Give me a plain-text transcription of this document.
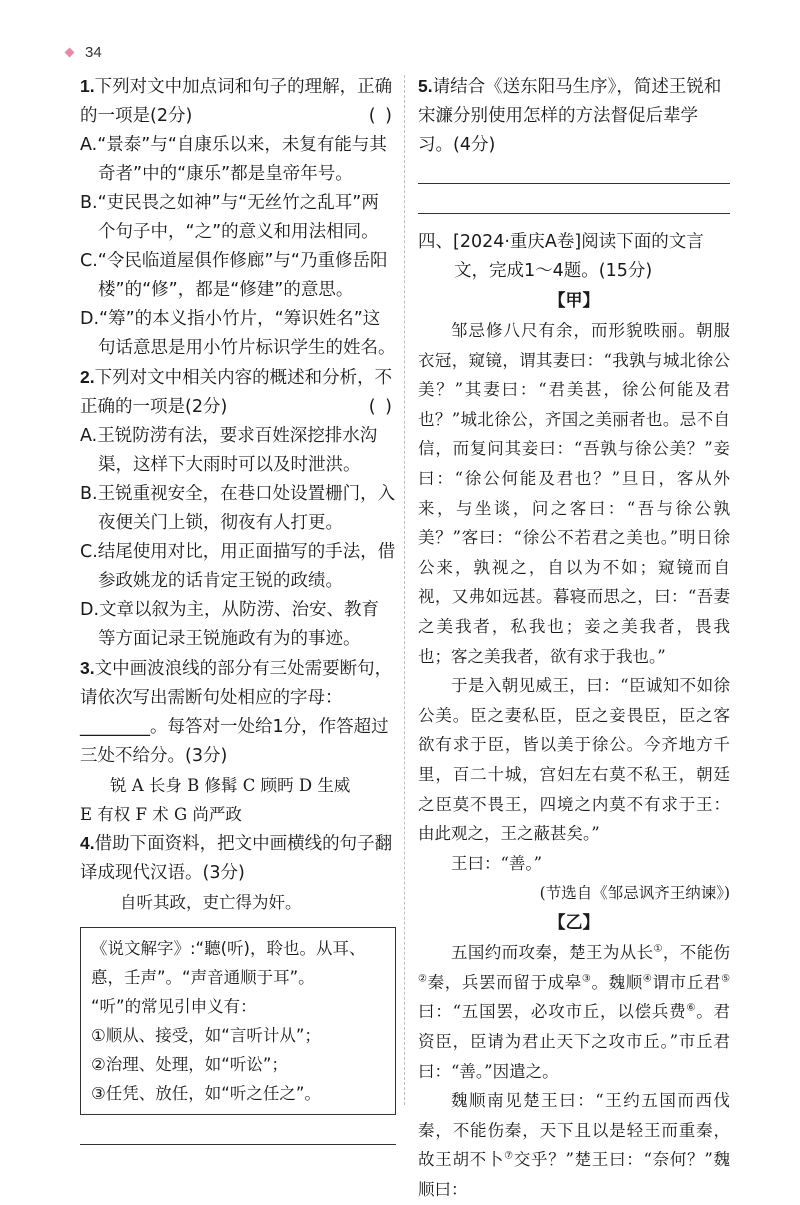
34
1.下列对文中加点词和句子的理解，正确的一项是(2分)	( )
A.“景泰”与“自康乐以来，未复有能与其奇者”中的“康乐”都是皇帝年号。
B.“吏民畏之如神”与“无丝竹之乱耳”两个句子中，“之”的意义和用法相同。
C.“令民临道屋俱作修廊”与“乃重修岳阳楼”的“修”，都是“修建”的意思。
D.“筹”的本义指小竹片，“筹识姓名”这句话意思是用小竹片标识学生的姓名。
2.下列对文中相关内容的概述和分析，不正确的一项是(2分)	( )
A.王锐防涝有法，要求百姓深挖排水沟渠，这样下大雨时可以及时泄洪。
B.王锐重视安全，在巷口处设置栅门，入夜便关门上锁，彻夜有人打更。
C.结尾使用对比，用正面描写的手法，借参政姚龙的话肯定王锐的政绩。
D.文章以叙为主，从防涝、治安、教育等方面记录王锐施政有为的事迹。
3.文中画波浪线的部分有三处需要断句，请依次写出需断句处相应的字母：________。每答对一处给1分，作答超过三处不给分。(3分)
锐 A 长身 B 修髯 C 顾眄 D 生威
E 有权 F 术 G 尚严政
4.借助下面资料，把文中画横线的句子翻译成现代汉语。(3分)
自听其政，吏亡得为奸。
《说文解字》:“聽(听)，聆也。从耳、悳，壬声”。“声音通顺于耳”。
“听”的常见引申义有：
①顺从、接受，如“言听计从”；
②治理、处理，如“听讼”；
③任凭、放任，如“听之任之”。
5.请结合《送东阳马生序》，简述王锐和宋濂分别使用怎样的方法督促后辈学习。(4分)
四、[2024·重庆A卷]阅读下面的文言文，完成1～4题。(15分)
【甲】

邹忌修八尺有余，而形貌昳丽。朝服衣冠，窥镜，谓其妻曰：“我孰与城北徐公美？”其妻曰：“君美甚，徐公何能及君也？”城北徐公，齐国之美丽者也。忌不自信，而复问其妾曰：“吾孰与徐公美？”妾曰：“徐公何能及君也？”旦日，客从外来，与坐谈，问之客曰：“吾与徐公孰美？”客曰：“徐公不若君之美也。”明日徐公来，孰视之，自以为不如；窥镜而自视，又弗如远甚。暮寝而思之，曰：“吾妻之美我者，私我也；妾之美我者，畏我也；客之美我者，欲有求于我也。”

于是入朝见威王，曰：“臣诚知不如徐公美。臣之妻私臣，臣之妾畏臣，臣之客欲有求于臣，皆以美于徐公。今齐地方千里，百二十城，宫妇左右莫不私王，朝廷之臣莫不畏王，四境之内莫不有求于王：由此观之，王之蔽甚矣。”

王曰：“善。”

(节选自《邹忌讽齐王纳谏》)
【乙】

五国约而攻秦，楚王为从长①，不能伤②秦，兵罢而留于成皋③。魏顺④谓市丘君⑤曰：“五国罢，必攻市丘，以偿兵费⑥。君资臣，臣请为君止天下之攻市丘。”市丘君曰：“善。”因遣之。

魏顺南见楚王曰：“王约五国而西伐秦，不能伤秦，天下且以是轻王而重秦，故王胡不卜⑦交乎？”楚王曰：“奈何？”魏顺曰：
